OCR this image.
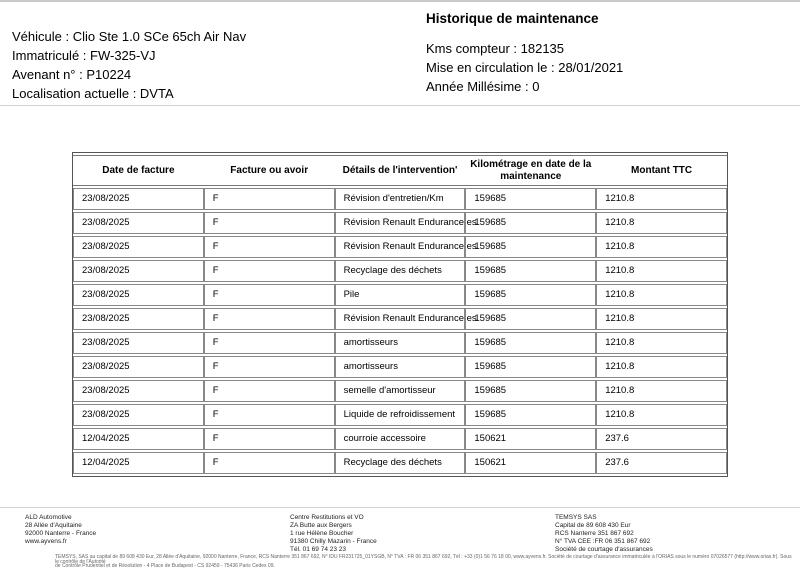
Véhicule : Clio Ste 1.0 SCe 65ch Air Nav
Immatriculé : FW-325-VJ
Avenant n° : P10224
Localisation actuelle : DVTA
Historique de maintenance
Kms compteur : 182135
Mise en circulation le : 28/01/2021
Année Millésime : 0
Date de facture	Facture ou avoir	Détails de l'intervention'	Kilométrage en date de la maintenance	Montant TTC
23/08/2025	F	Révision d'entretien/Km	159685	1210.8
23/08/2025	F	Révision Renault Endurance es	159685	1210.8
23/08/2025	F	Révision Renault Endurance es	159685	1210.8
23/08/2025	F	Recyclage des déchets	159685	1210.8
23/08/2025	F	Pile	159685	1210.8
23/08/2025	F	Révision Renault Endurance es	159685	1210.8
23/08/2025	F	amortisseurs	159685	1210.8
23/08/2025	F	amortisseurs	159685	1210.8
23/08/2025	F	semelle d'amortisseur	159685	1210.8
23/08/2025	F	Liquide de refroidissement	159685	1210.8
12/04/2025	F	courroie accessoire	150621	237.6
12/04/2025	F	Recyclage des déchets	150621	237.6
ALD Automotive
28 Allée d'Aquitaine
92000 Nanterre - France
www.ayvens.fr
Centre Restitutions et VO
ZA Butte aux Bergers
1 rue Hélène Boucher
91380 Chilly Mazarin - France
Tél. 01 69 74 23 23
TEMSYS SAS
Capital de 89 608 430 Eur
RCS Nanterre 351 867 692
N° TVA CEE :FR 06 351 867 692
Société de courtage d'assurances
TEMSYS, SAS au capital de 89 608 430 Eur, 28 Allée d'Aquitaine, 92000 Nanterre, France, RCS Nanterre 351 867 692, N° IDU FR231725_01YSGB, N° TVA : FR 06 351 867 692, Tél : +33 (0)1 56 76 18 00, www.ayvens.fr. Société de courtage d'assurance immatriculée à l'ORIAS sous le numéro 07026577 (http://www.orias.fr). Sous le contrôle de l'Autorité
de Contrôle Prudentiel et de Résolution - 4 Place de Budapest - CS 92459 - 75436 Paris Cedex 09.
